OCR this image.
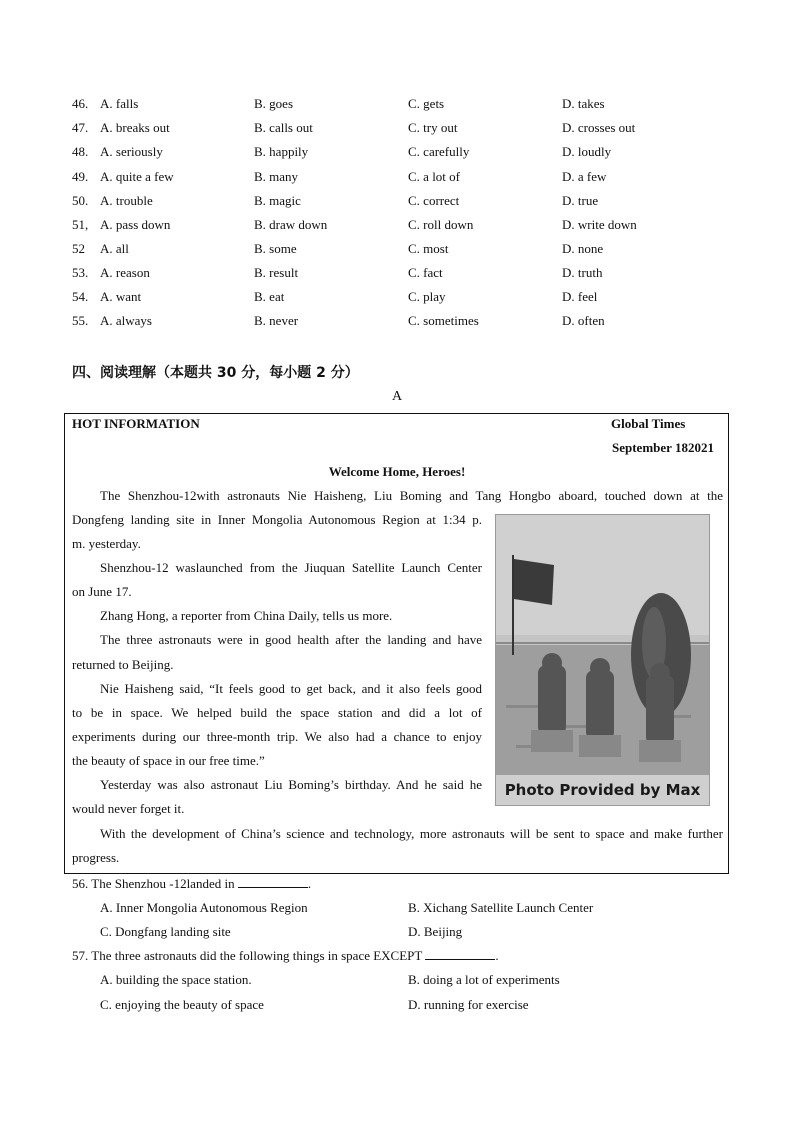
46. A. falls	B. goes	C. gets	D. takes
47. A. breaks out	B. calls out	C. try out	D. crosses out
48. A. seriously	B. happily	C. carefully	D. loudly
49. A. quite a few	B. many	C. a lot of	D. a few
50. A. trouble	B. magic	C. correct	D. true
51, A. pass down	B. draw down	C. roll down	D. write down
52 A. all	B. some	C. most	D. none
53. A. reason	B. result	C. fact	D. truth
54. A. want	B. eat	C. play	D. feel
55. A. always	B. never	C. sometimes	D. often
四、阅读理解（本题共 30 分，每小题 2 分）
A
HOT INFORMATION	Global Times
September 182021
Welcome Home, Heroes!
The Shenzhou-12with astronauts Nie Haisheng, Liu Boming and Tang Hongbo aboard, touched down at the
Dongfeng landing site in Inner Mongolia Autonomous Region at 1:34 p.
m. yesterday.
Shenzhou-12 waslaunched from the Jiuquan Satellite Launch Center
on June 17.
Zhang Hong, a reporter from China Daily, tells us more.
The three astronauts were in good health after the landing and have
returned to Beijing.
Nie Haisheng said, “It feels good to get back, and it also feels good
to be in space. We helped build the space station and did a lot of
experiments during our three-month trip. We also had a chance to enjoy
the beauty of space in our free time.”
Yesterday was also astronaut Liu Boming’s birthday. And he said he
would never forget it.
With the development of China’s science and technology, more astronauts will be sent to space and make further
progress.
Photo Provided by Max
56. The Shenzhou -12landed in	.
A. Inner Mongolia Autonomous Region	B. Xichang Satellite Launch Center
C. Dongfang landing site	D. Beijing
57. The three astronauts did the following things in space EXCEPT	.
A. building the space station.	B. doing a lot of experiments
C. enjoying the beauty of space	D. running for exercise
